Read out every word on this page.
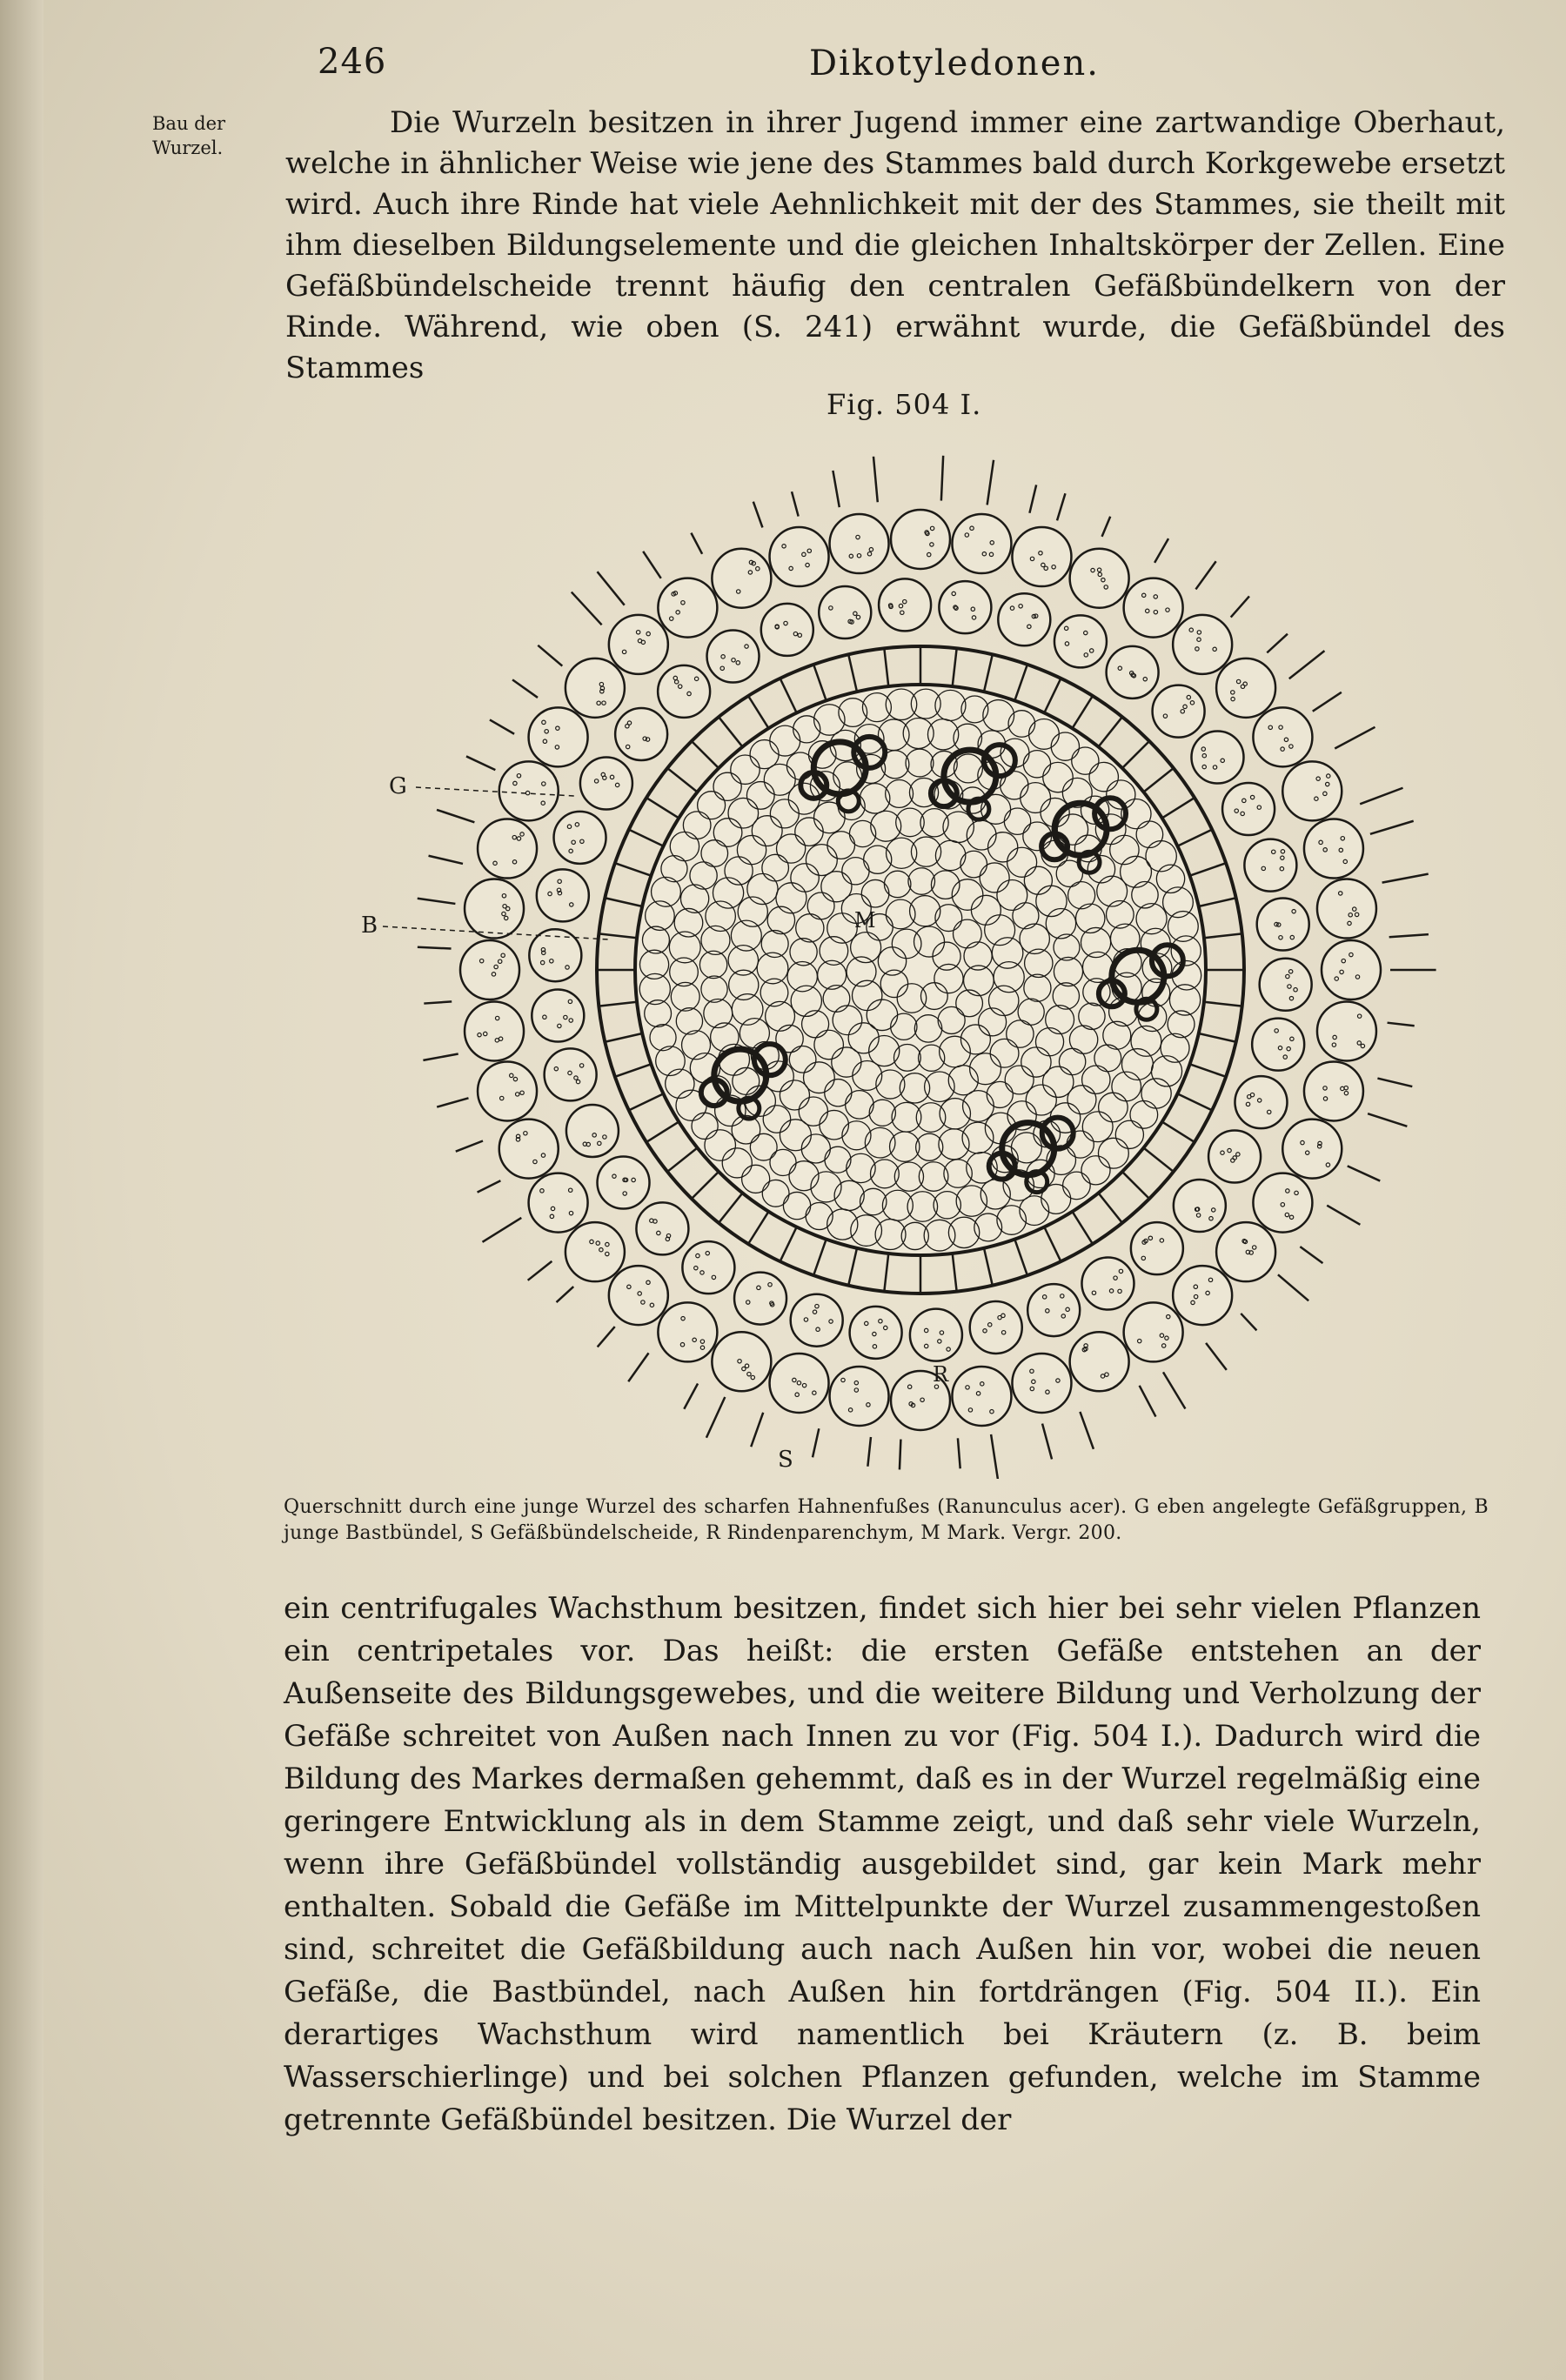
246	Dikotyledonen.
Bau der Wurzel.

Die Wurzeln besitzen in ihrer Jugend immer eine zartwandige Oberhaut, welche in ähnlicher Weise wie jene des Stammes bald durch Korkgewebe ersetzt wird. Auch ihre Rinde hat viele Aehnlichkeit mit der des Stammes, sie theilt mit ihm dieselben Bildungselemente und die gleichen Inhaltskörper der Zellen. Eine Gefäßbündelscheide trennt häufig den centralen Gefäßbündelkern von der Rinde. Während, wie oben (S. 241) erwähnt wurde, die Gefäßbündel des Stammes

Fig. 504 I.
G
B	M
R
S

Querschnitt durch eine junge Wurzel des scharfen Hahnenfußes (Ranunculus acer). G eben angelegte Gefäßgruppen, B junge Bastbündel, S Gefäßbündelscheide, R Rindenparenchym, M Mark. Vergr. 200.

ein centrifugales Wachsthum besitzen, findet sich hier bei sehr vielen Pflanzen ein centripetales vor. Das heißt: die ersten Gefäße entstehen an der Außenseite des Bildungsgewebes, und die weitere Bildung und Verholzung der Gefäße schreitet von Außen nach Innen zu vor (Fig. 504 I.). Dadurch wird die Bildung des Markes dermaßen gehemmt, daß es in der Wurzel regelmäßig eine geringere Entwicklung als in dem Stamme zeigt, und daß sehr viele Wurzeln, wenn ihre Gefäßbündel vollständig ausgebildet sind, gar kein Mark mehr enthalten. Sobald die Gefäße im Mittelpunkte der Wurzel zusammengestoßen sind, schreitet die Gefäßbildung auch nach Außen hin vor, wobei die neuen Gefäße, die Bastbündel, nach Außen hin fortdrängen (Fig. 504 II.). Ein derartiges Wachsthum wird namentlich bei Kräutern (z. B. beim Wasserschierlinge) und bei solchen Pflanzen gefunden, welche im Stamme getrennte Gefäßbündel besitzen. Die Wurzel der
